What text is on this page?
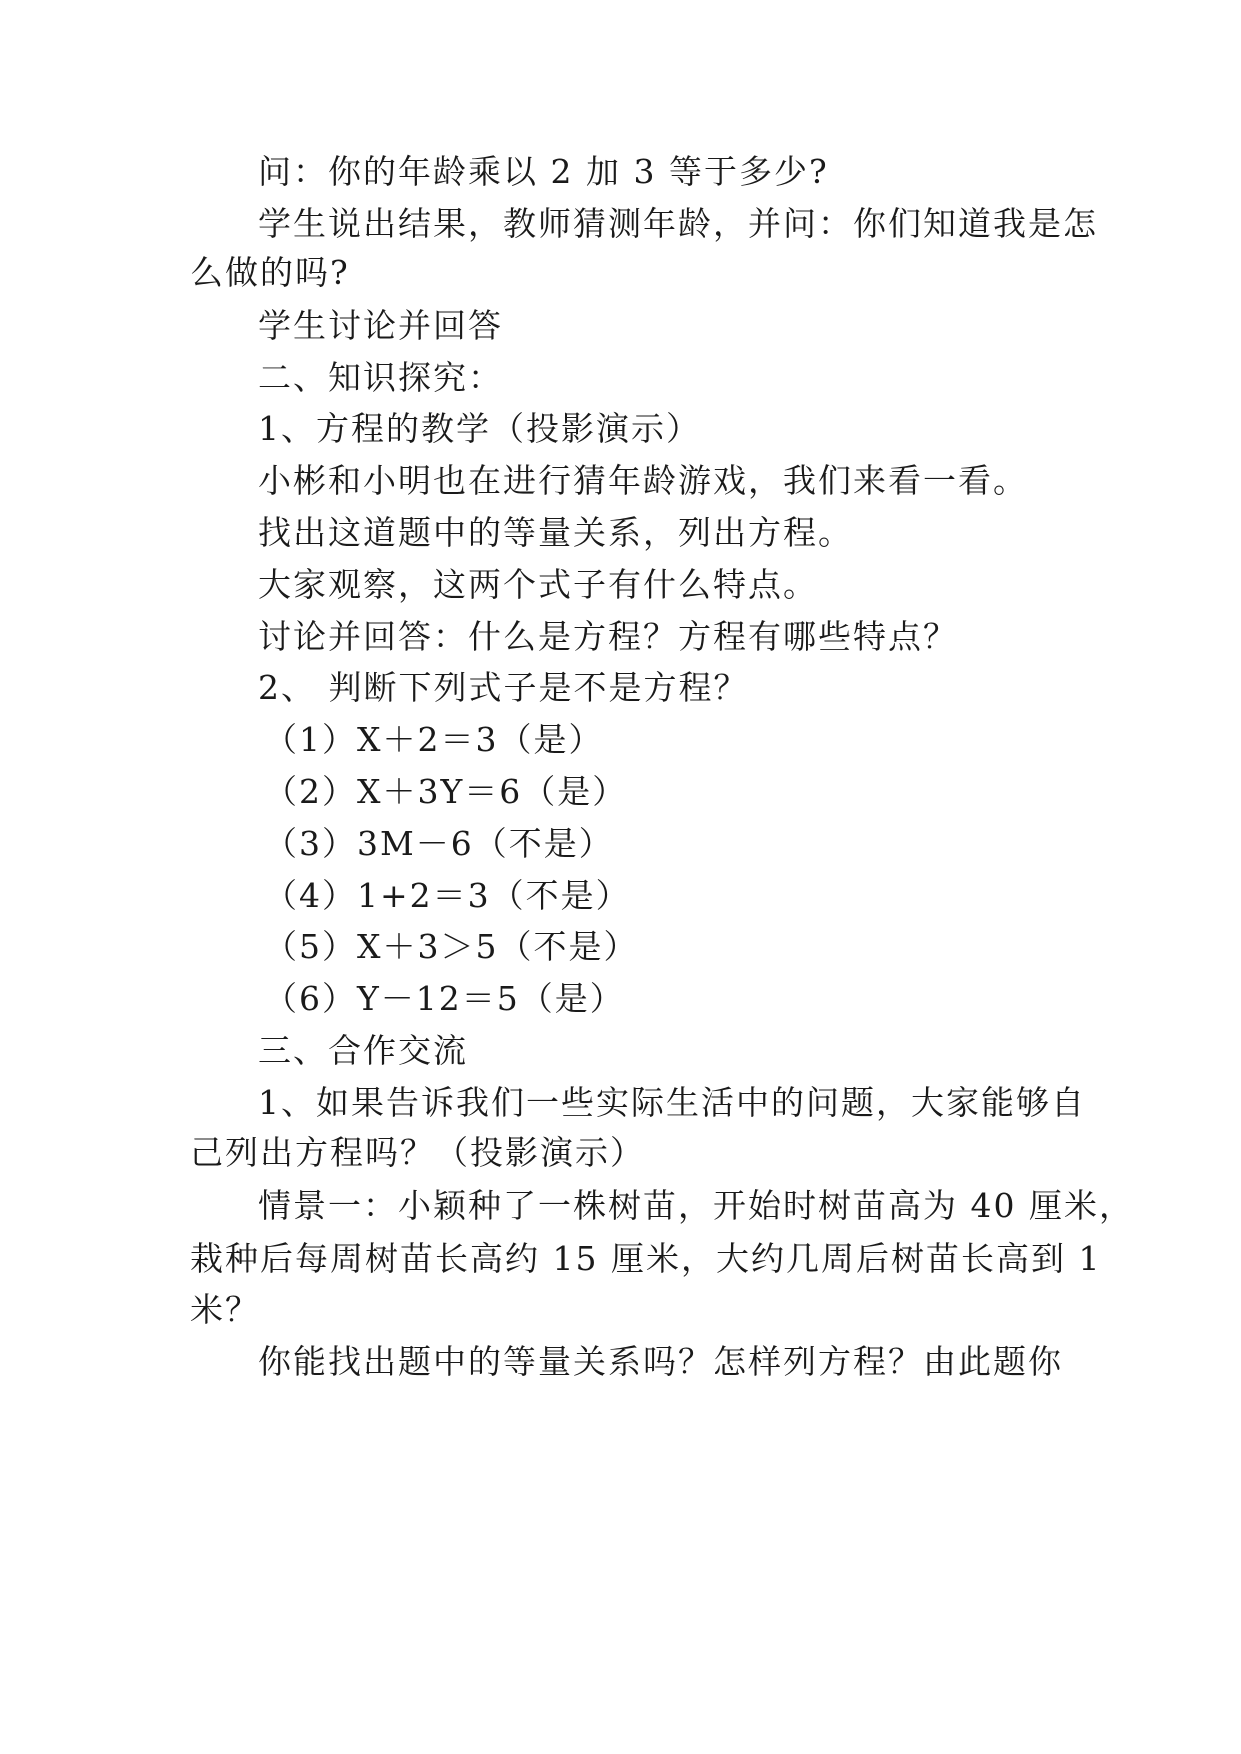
问：你的年龄乘以 2 加 3 等于多少?
学生说出结果，教师猜测年龄，并问：你们知道我是怎
么做的吗?
学生讨论并回答
二、知识探究：
1、方程的教学（投影演示）
小彬和小明也在进行猜年龄游戏，我们来看一看。
找出这道题中的等量关系，列出方程。
大家观察，这两个式子有什么特点。
讨论并回答：什么是方程？方程有哪些特点？
2、 判断下列式子是不是方程？
（1）X＋2＝3（是）
（2）X＋3Y＝6（是）
（3）3M－6（不是）
（4）1+2＝3（不是）
（5）X＋3＞5（不是）
（6）Y－12＝5（是）
三、合作交流
1、如果告诉我们一些实际生活中的问题，大家能够自
己列出方程吗？（投影演示）
情景一：小颖种了一株树苗，开始时树苗高为 40 厘米，
栽种后每周树苗长高约 15 厘米，大约几周后树苗长高到 1
米？
你能找出题中的等量关系吗？怎样列方程？由此题你
